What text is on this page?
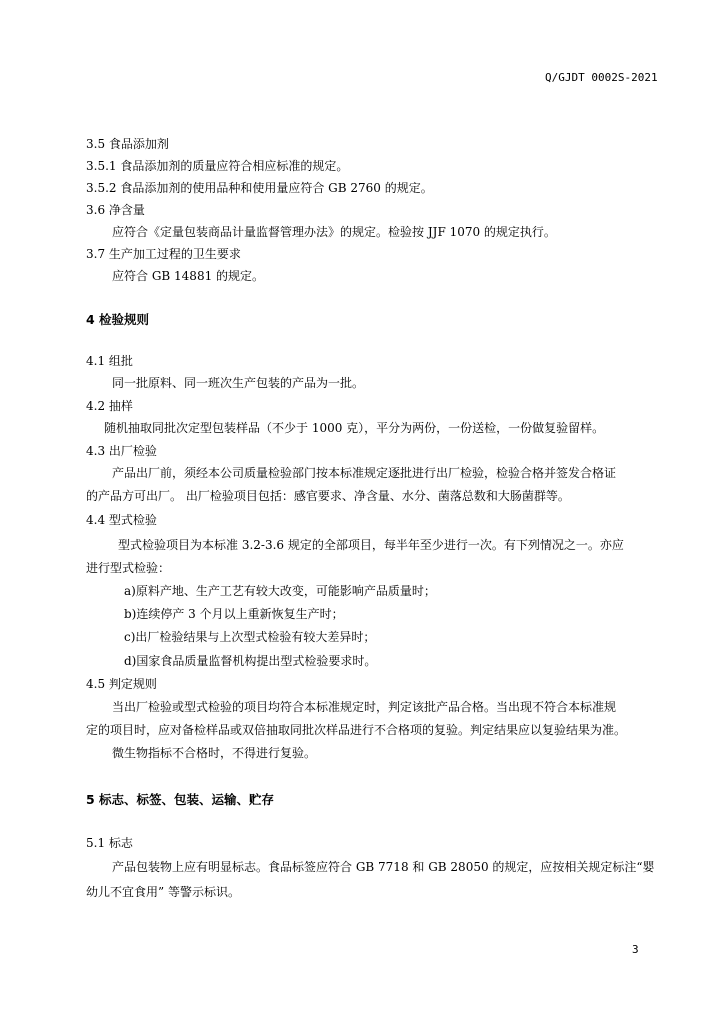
Q/GJDT 0002S-2021
3.5 食品添加剂
3.5.1 食品添加剂的质量应符合相应标准的规定。
3.5.2 食品添加剂的使用品种和使用量应符合 GB 2760 的规定。
3.6 净含量
应符合《定量包装商品计量监督管理办法》的规定。检验按 JJF 1070 的规定执行。
3.7 生产加工过程的卫生要求
应符合 GB 14881 的规定。
4 检验规则
4.1 组批
同一批原料、同一班次生产包装的产品为一批。
4.2 抽样
随机抽取同批次定型包装样品（不少于 1000 克），平分为两份，一份送检，一份做复验留样。
4.3 出厂检验
产品出厂前，须经本公司质量检验部门按本标准规定逐批进行出厂检验，检验合格并签发合格证
的产品方可出厂。 出厂检验项目包括：感官要求、净含量、水分、菌落总数和大肠菌群等。
4.4 型式检验
型式检验项目为本标准 3.2-3.6 规定的全部项目，每半年至少进行一次。有下列情况之一。亦应
进行型式检验：
a)原料产地、生产工艺有较大改变，可能影响产品质量时；
b)连续停产 3 个月以上重新恢复生产时；
c)出厂检验结果与上次型式检验有较大差异时；
d)国家食品质量监督机构提出型式检验要求时。
4.5 判定规则
当出厂检验或型式检验的项目均符合本标准规定时，判定该批产品合格。当出现不符合本标准规
定的项目时，应对备检样品或双倍抽取同批次样品进行不合格项的复验。判定结果应以复验结果为准。
微生物指标不合格时，不得进行复验。
5 标志、标签、包装、运输、贮存
5.1 标志
产品包装物上应有明显标志。食品标签应符合 GB 7718 和 GB 28050 的规定，应按相关规定标注“婴
幼儿不宜食用” 等警示标识。
3
